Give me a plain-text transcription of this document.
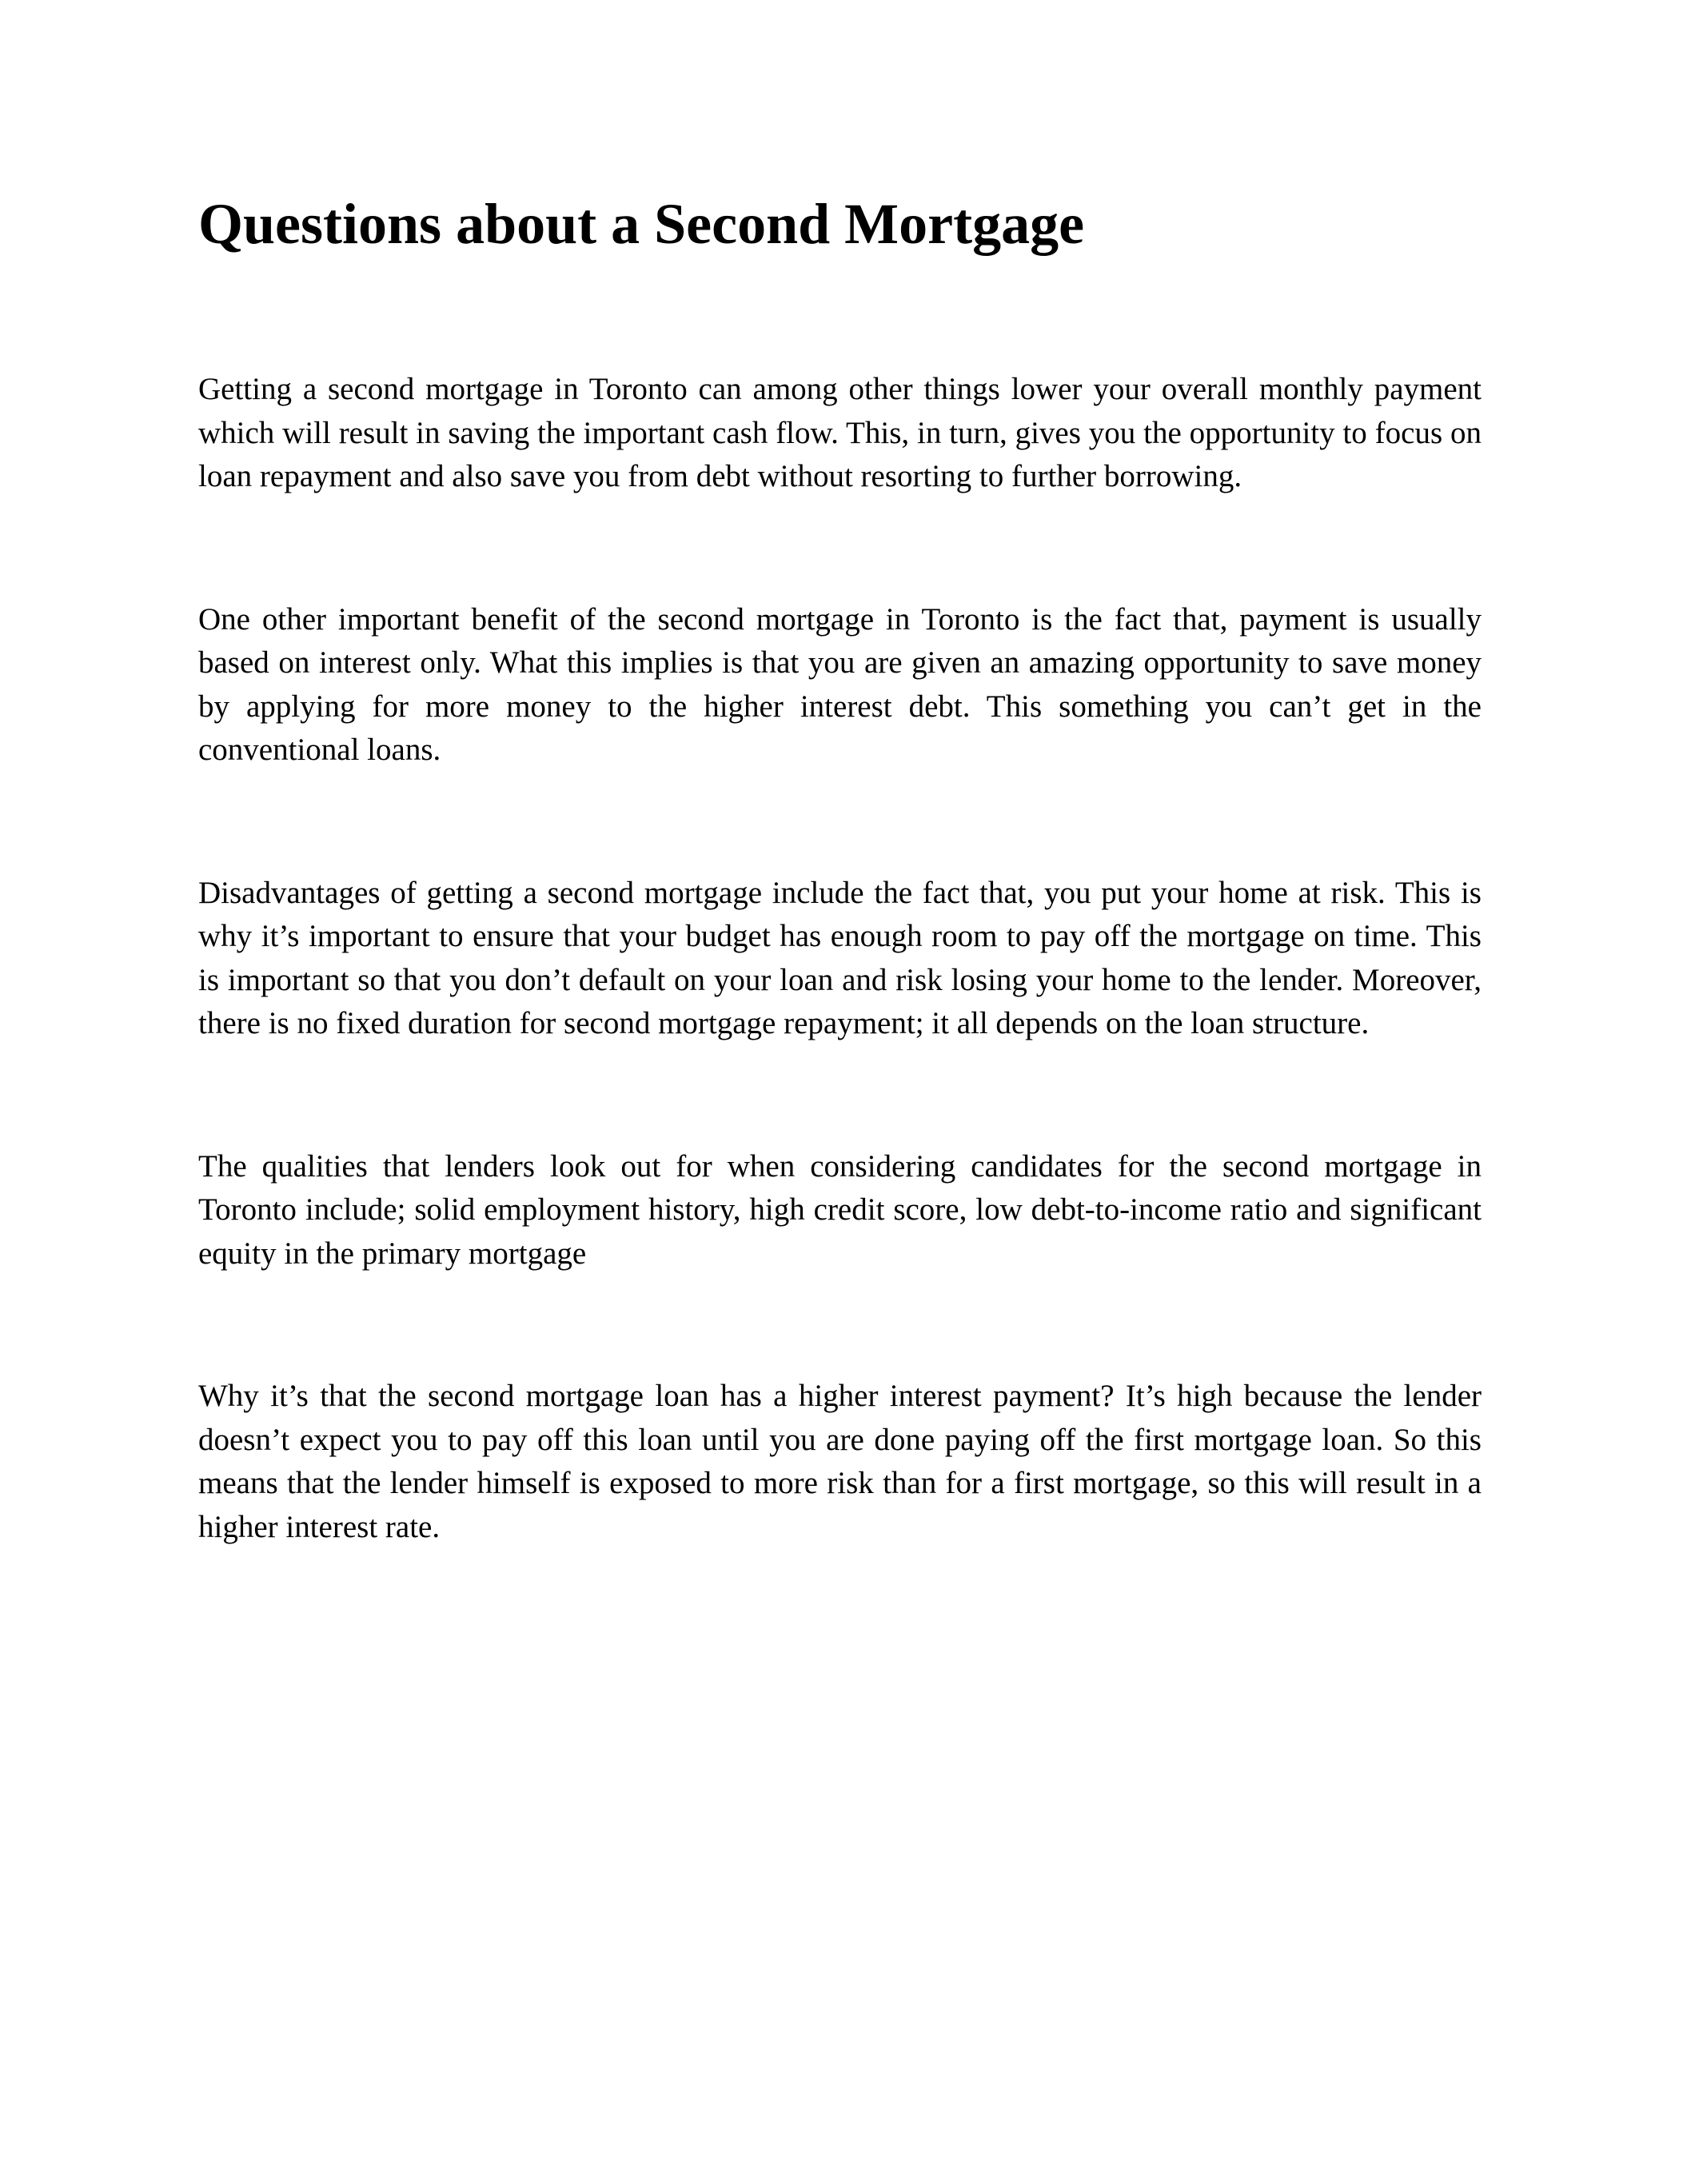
Questions about a Second Mortgage

Getting a second mortgage in Toronto can among other things lower your overall monthly payment which will result in saving the important cash flow. This, in turn, gives you the opportunity to focus on loan repayment and also save you from debt without resorting to further borrowing.

One other important benefit of the second mortgage in Toronto is the fact that, payment is usually based on interest only. What this implies is that you are given an amazing opportunity to save money by applying for more money to the higher interest debt. This something you can’t get in the conventional loans.

Disadvantages of getting a second mortgage include the fact that, you put your home at risk. This is why it’s important to ensure that your budget has enough room to pay off the mortgage on time. This is important so that you don’t default on your loan and risk losing your home to the lender. Moreover, there is no fixed duration for second mortgage repayment; it all depends on the loan structure.

The qualities that lenders look out for when considering candidates for the second mortgage in Toronto include; solid employment history, high credit score, low debt-to-income ratio and significant equity in the primary mortgage

Why it’s that the second mortgage loan has a higher interest payment? It’s high because the lender doesn’t expect you to pay off this loan until you are done paying off the first mortgage loan. So this means that the lender himself is exposed to more risk than for a first mortgage, so this will result in a higher interest rate.
